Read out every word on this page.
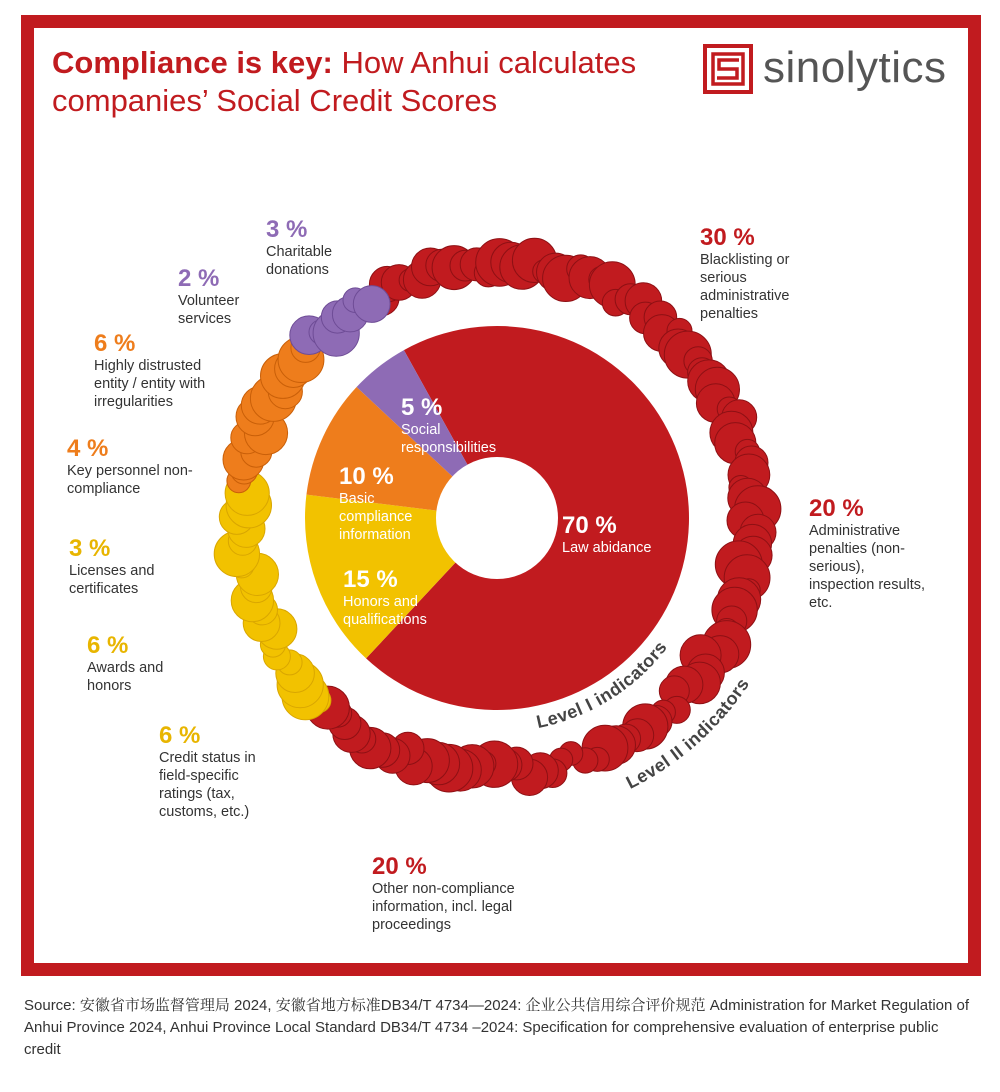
Compliance is key: How Anhui calculates companies’ Social Credit Scores
sinolytics
Level I indicators
Level II indicators
30 %
Blacklisting or serious administrative penalties
20 %
Administrative penalties (non-serious), inspection results, etc.
20 %
Other non-compliance information, incl. legal proceedings
6 %
Credit status in field-specific ratings (tax, customs, etc.)
6 %
Awards and honors
3 %
Licenses and certificates
4 %
Key personnel non-compliance
6 %
Highly distrusted entity / entity with irregularities
2 %
Volunteer services
3 %
Charitable donations
70 %
Law abidance
15 %
Honors and qualifications
10 %
Basic compliance information
5 %
Social responsibilities

Source: 安徽省市场监督管理局 2024, 安徽省地方标准DB34/T 4734—2024: 企业公共信用综合评价规范 Administration for Market Regulation of Anhui Province 2024, Anhui Province Local Standard DB34/T 4734 –2024: Specification for comprehensive evaluation of enterprise public credit
